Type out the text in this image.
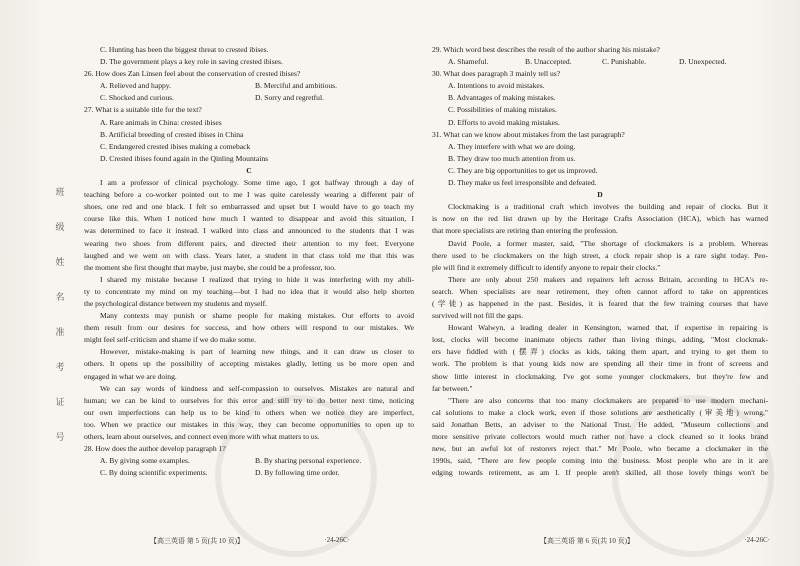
班
级
姓
名
准
考
证
号
C. Hunting has been the biggest threat to crested ibises.
D. The government plays a key role in saving crested ibises.
26. How does Zan Linsen feel about the conservation of crested ibises?
A. Relieved and happy.	B. Merciful and ambitious.
C. Shocked and curious.	D. Sorry and regretful.
27. What is a suitable title for the text?
A. Rare animals in China: crested ibises
B. Artificial breeding of crested ibises in China
C. Endangered crested ibises making a comeback
D. Crested ibises found again in the Qinling Mountains
C
I am a professor of clinical psychology. Some time ago, I got halfway through a day of
teaching before a co-worker pointed out to me I was quite carelessly wearing a different pair of
shoes, one red and one black. I felt so embarrassed and upset but I would have to go teach my
course like this. When I noticed how much I wanted to disappear and avoid this situation, I
was determined to face it instead. I walked into class and announced to the students that I was
wearing two shoes from different pairs, and directed their attention to my feet. Everyone
laughed and we went on with class. Years later, a student in that class told me that this was
the moment she first thought that maybe, just maybe, she could be a professor, too.
I shared my mistake because I realized that trying to hide it was interfering with my abili-
ty to concentrate my mind on my teaching—but I had no idea that it would also help shorten
the psychological distance between my students and myself.
Many contexts may punish or shame people for making mistakes. Our efforts to avoid
them result from our desires for success, and how others will respond to our mistakes. We
might feel self-criticism and shame if we do make some.
However, mistake-making is part of learning new things, and it can draw us closer to
others. It opens up the possibility of accepting mistakes gladly, letting us be more open and
engaged in what we are doing.
We can say words of kindness and self-compassion to ourselves. Mistakes are natural and
human; we can be kind to ourselves for this error and still try to do better next time, noticing
our own imperfections can help us to be kind to others when we notice they are imperfect,
too. When we practice our mistakes in this way, they can become opportunities to open up to
others, learn about ourselves, and connect even more with what matters to us.
28. How does the author develop paragraph 1?
A. By giving some examples.	B. By sharing personal experience.
C. By doing scientific experiments.	D. By following time order.
29. Which word best describes the result of the author sharing his mistake?
A. Shameful.	B. Unaccepted.	C. Punishable.	D. Unexpected.
30. What does paragraph 3 mainly tell us?
A. Intentions to avoid mistakes.
B. Advantages of making mistakes.
C. Possibilities of making mistakes.
D. Efforts to avoid making mistakes.
31. What can we know about mistakes from the last paragraph?
A. They interfere with what we are doing.
B. They draw too much attention from us.
C. They are big opportunities to get us improved.
D. They make us feel irresponsible and defeated.
D
Clockmaking is a traditional craft which involves the building and repair of clocks. But it
is now on the red list drawn up by the Heritage Crafts Association (HCA), which has warned
that more specialists are retiring than entering the profession.
David Poole, a former master, said, "The shortage of clockmakers is a problem. Whereas
there used to be clockmakers on the high street, a clock repair shop is a rare sight today. Peo-
ple will find it extremely difficult to identify anyone to repair their clocks."
There are only about 250 makers and repairers left across Britain, according to HCA's re-
search. When specialists are near retirement, they often cannot afford to take on apprentices
(学徒) as happened in the past. Besides, it is feared that the few training courses that have
survived will not fill the gaps.
Howard Walwyn, a leading dealer in Kensington, warned that, if expertise in repairing is
lost, clocks will become inanimate objects rather than living things, adding, "Most clockmak-
ers have fiddled with (摆弄) clocks as kids, taking them apart, and trying to get them to
work. The problem is that young kids now are spending all their time in front of screens and
show little interest in clockmaking. I've got some younger clockmakers, but they're few and
far between."
"There are also concerns that too many clockmakers are prepared to use modern mechani-
cal solutions to make a clock work, even if those solutions are aesthetically (审美地) wrong,"
said Jonathan Betts, an adviser to the National Trust. He added, "Museum collections and
more sensitive private collectors would much rather not have a clock cleaned so it looks brand
new, but an awful lot of restorers reject that." Mr Poole, who became a clockmaker in the
1990s, said, "There are few people coming into the business. Most people who are in it are
edging towards retirement, as am I. If people aren't skilled, all those lovely things won't be
【高三英语 第 5 页(共 10 页)】	·24-26C·	【高三英语 第 6 页(共 10 页)】	·24-26C·
